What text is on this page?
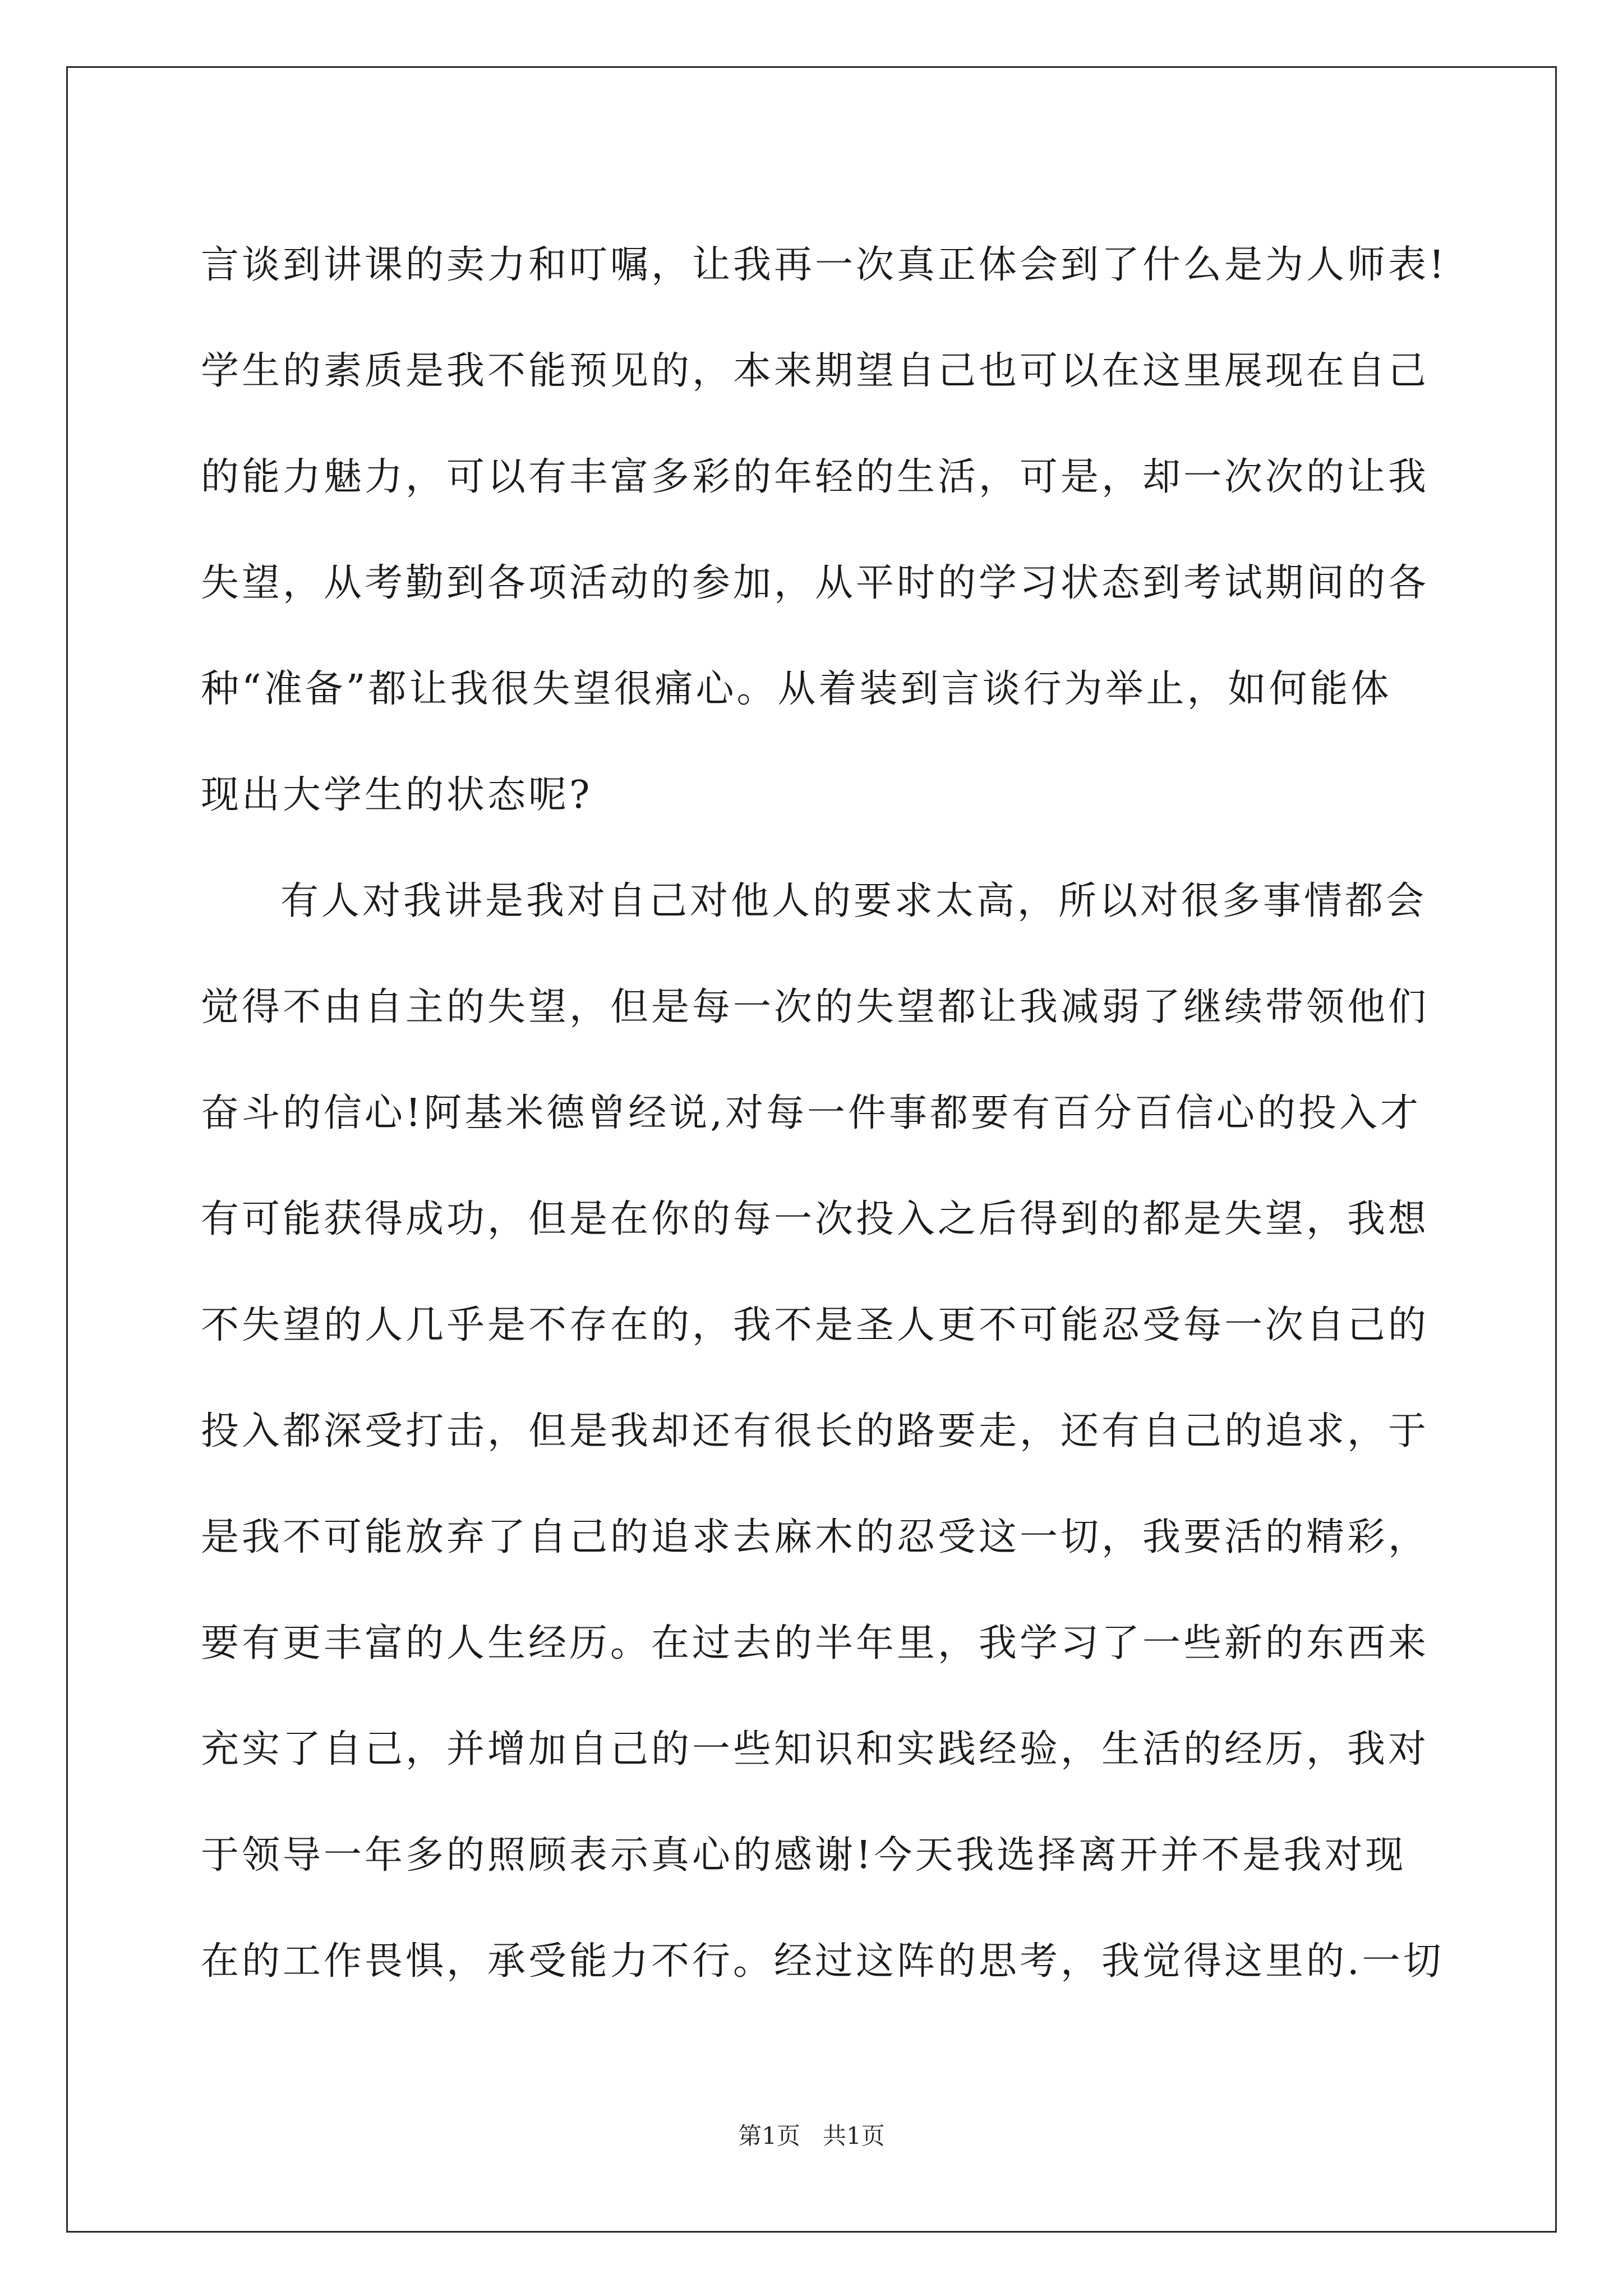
言谈到讲课的卖力和叮嘱，让我再一次真正体会到了什么是为人师表!
学生的素质是我不能预见的，本来期望自己也可以在这里展现在自己
的能力魅力，可以有丰富多彩的年轻的生活，可是，却一次次的让我
失望，从考勤到各项活动的参加，从平时的学习状态到考试期间的各
种“准备”都让我很失望很痛心。从着装到言谈行为举止，如何能体
现出大学生的状态呢?
有人对我讲是我对自己对他人的要求太高，所以对很多事情都会
觉得不由自主的失望，但是每一次的失望都让我减弱了继续带领他们
奋斗的信心!阿基米德曾经说,对每一件事都要有百分百信心的投入才
有可能获得成功，但是在你的每一次投入之后得到的都是失望，我想
不失望的人几乎是不存在的，我不是圣人更不可能忍受每一次自己的
投入都深受打击，但是我却还有很长的路要走，还有自己的追求，于
是我不可能放弃了自己的追求去麻木的忍受这一切，我要活的精彩，
要有更丰富的人生经历。在过去的半年里，我学习了一些新的东西来
充实了自己，并增加自己的一些知识和实践经验，生活的经历，我对
于领导一年多的照顾表示真心的感谢!今天我选择离开并不是我对现
在的工作畏惧，承受能力不行。经过这阵的思考，我觉得这里的.一切
第1页   共1页
